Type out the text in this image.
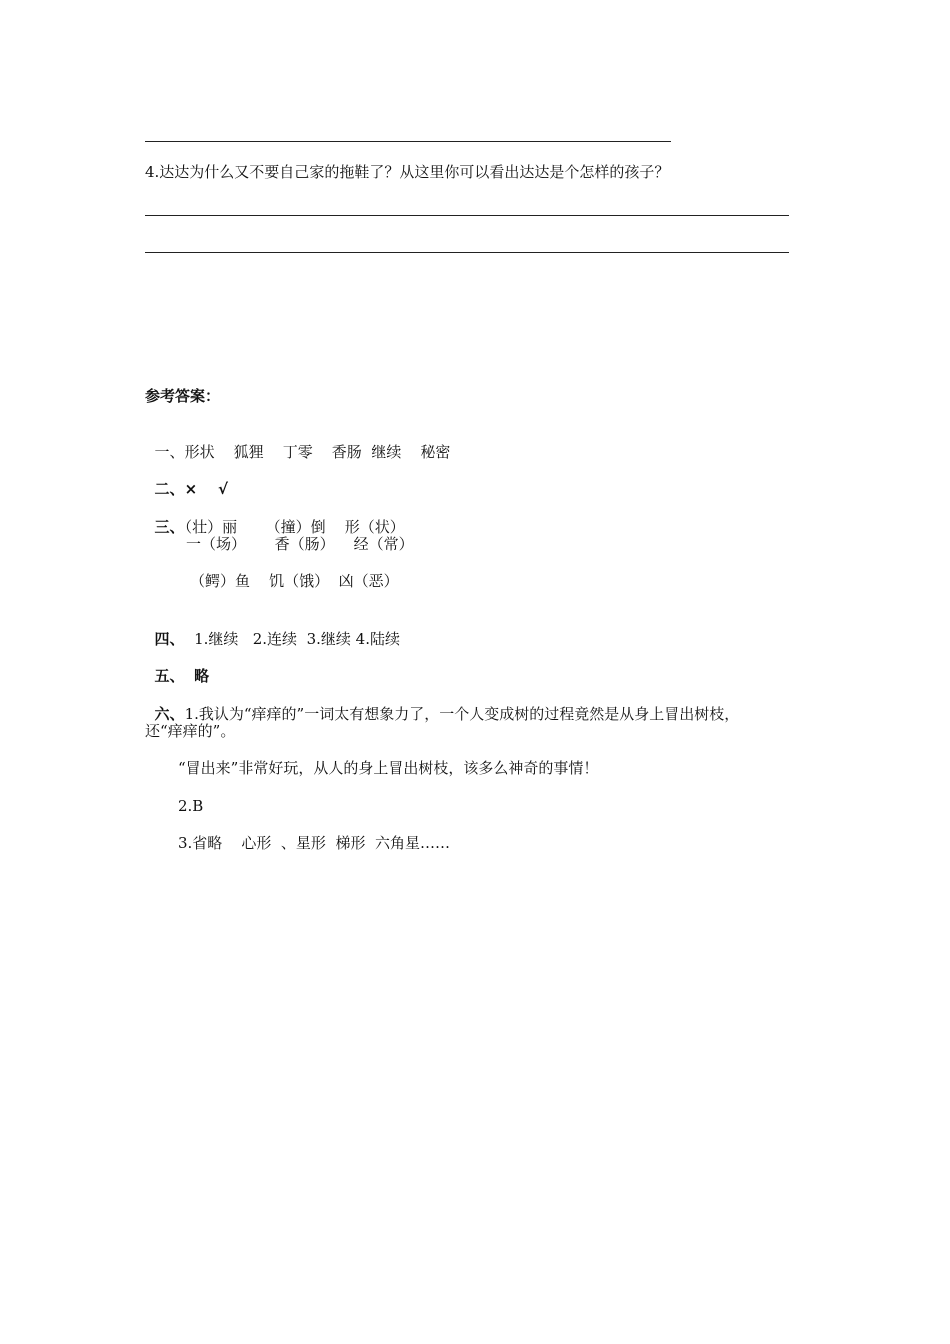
4.达达为什么又不要自己家的拖鞋了？从这里你可以看出达达是个怎样的孩子？
参考答案：

一、形状    狐狸    丁零    香肠  继续    秘密

二、×    √

三、（壮）丽      （撞）倒    形（状）

一（场）      香（肠）    经（常）
（鳄）鱼    饥（饿）  凶（恶）

四、 1.继续   2.连续  3.继续 4.陆续

五、 略

六、1.我认为“痒痒的”一词太有想象力了，一个人变成树的过程竟然是从身上冒出树枝，

还“痒痒的”。
“冒出来”非常好玩，从人的身上冒出树枝，该多么神奇的事情！
2.B
3.省略    心形  、星形  梯形  六角星……
